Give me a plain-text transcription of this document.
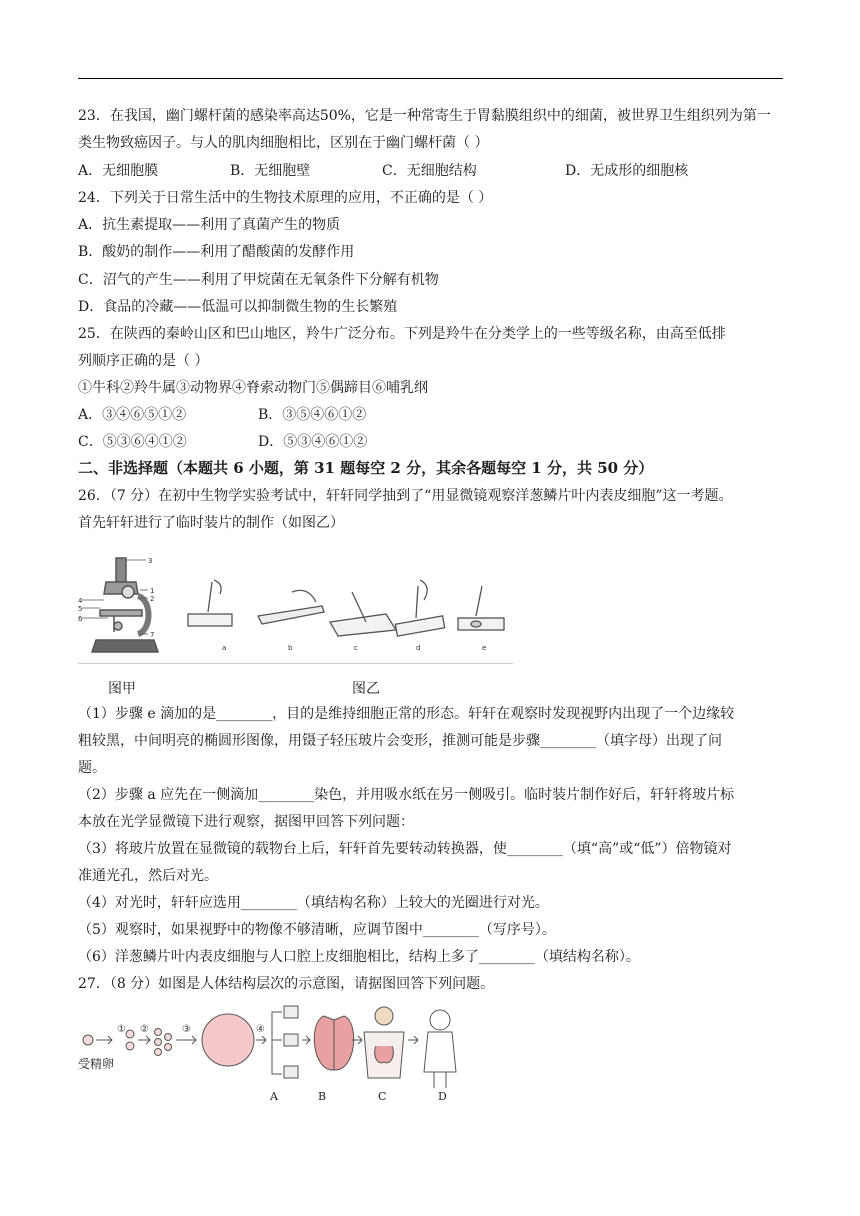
23．在我国，幽门螺杆菌的感染率高达50%，它是一种常寄生于胃黏膜组织中的细菌，被世界卫生组织列为第一
类生物致癌因子。与人的肌肉细胞相比，区别在于幽门螺杆菌（ ）
A．无细胞膜	B．无细胞壁	C．无细胞结构	D．无成形的细胞核
24．下列关于日常生活中的生物技术原理的应用，不正确的是（ ）
A．抗生素提取——利用了真菌产生的物质
B．酸奶的制作——利用了醋酸菌的发酵作用
C．沼气的产生——利用了甲烷菌在无氧条件下分解有机物
D．食品的冷藏——低温可以抑制微生物的生长繁殖
25．在陕西的秦岭山区和巴山地区，羚牛广泛分布。下列是羚牛在分类学上的一些等级名称，由高至低排
列顺序正确的是（ ）
①牛科②羚牛属③动物界④脊索动物门⑤偶蹄目⑥哺乳纲
A．③④⑥⑤①②	B．③⑤④⑥①②
C．⑤③⑥④①②	D．⑤③④⑥①②
二、非选择题（本题共 6 小题，第 31 题每空 2 分，其余各题每空 1 分，共 50 分）
26．（7 分）在初中生物学实验考试中，轩轩同学抽到了“用显微镜观察洋葱鳞片叶内表皮细胞”这一考题。
首先轩轩进行了临时装片的制作（如图乙）
3
1
2
4
5
6
7
a	b	c	d	e
图甲	图乙
（1）步骤 e 滴加的是________，目的是维持细胞正常的形态。轩轩在观察时发现视野内出现了一个边缘较
粗较黑，中间明亮的椭圆形图像，用镊子轻压玻片会变形，推测可能是步骤________（填字母）出现了问
题。
（2）步骤 a 应先在一侧滴加________染色，并用吸水纸在另一侧吸引。临时装片制作好后，轩轩将玻片标
本放在光学显微镜下进行观察，据图甲回答下列问题：
（3）将玻片放置在显微镜的载物台上后，轩轩首先要转动转换器，使________（填“高”或“低”）倍物镜对
准通光孔，然后对光。
（4）对光时，轩轩应选用________（填结构名称）上较大的光圈进行对光。
（5）观察时，如果视野中的物像不够清晰，应调节图中________（写序号）。
（6）洋葱鳞片叶内表皮细胞与人口腔上皮细胞相比，结构上多了________（填结构名称）。
27．（8 分）如图是人体结构层次的示意图，请据图回答下列问题。
① ②	③	④
受精卵
A	B	C	D
